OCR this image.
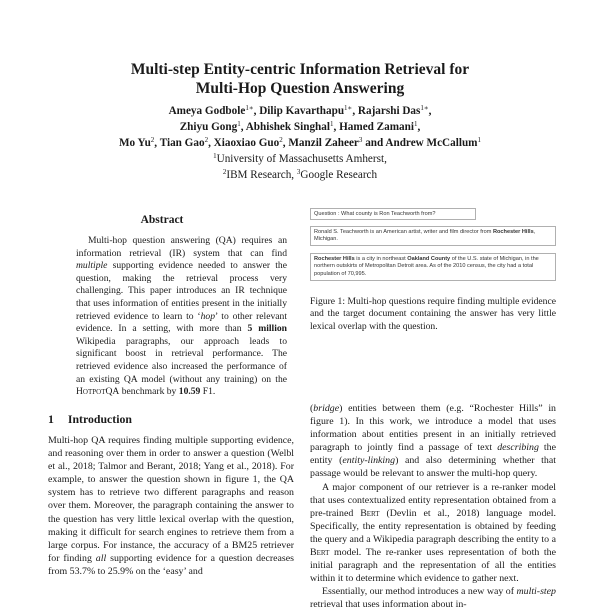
Multi-step Entity-centric Information Retrieval for
Multi-Hop Question Answering
Ameya Godbole$^{1∗}$, Dilip Kavarthapu$^{1∗}$, Rajarshi Das$^{1∗}$,
Zhiyu Gong$^1$, Abhishek Singhal$^1$, Hamed Zamani$^1$,
Mo Yu$^2$, Tian Gao$^2$, Xiaoxiao Guo$^2$, Manzil Zaheer$^3$ and Andrew McCallum$^1$
$^1$University of Massachusetts Amherst,
$^2$IBM Research, $^3$Google Research
Abstract
Multi-hop question answering (QA) requires an information retrieval (IR) system that can find multiple supporting evidence needed to answer the question, making the retrieval process very challenging. This paper introduces an IR technique that uses information of entities present in the initially retrieved evidence to learn to ‘hop’ to other relevant evidence. In a setting, with more than 5 million Wikipedia paragraphs, our approach leads to significant boost in retrieval performance. The retrieved evidence also increased the performance of an existing QA model (without any training) on the HotpotQA benchmark by 10.59 F1.
1 Introduction
Multi-hop QA requires finding multiple supporting evidence, and reasoning over them in order to answer a question (Welbl et al., 2018; Talmor and Berant, 2018; Yang et al., 2018). For example, to answer the question shown in figure 1, the QA system has to retrieve two different paragraphs and reason over them. Moreover, the paragraph containing the answer to the question has very little lexical overlap with the question, making it difficult for search engines to retrieve them from a large corpus. For instance, the accuracy of a BM25 retriever for finding all supporting evidence for a question decreases from 53.7% to 25.9% on the ‘easy’ and
Question : What county is Ron Teachworth from?
Ronald S. Teachworth is an American artist, writer and film director from Rochester Hills, Michigan.
Rochester Hills is a city in northeast Oakland County of the U.S. state of Michigan, in the northern outskirts of Metropolitan Detroit area. As of the 2010 census, the city had a total population of 70,995.
Figure 1: Multi-hop questions require finding multiple evidence and the target document containing the answer has very little lexical overlap with the question.

(bridge) entities between them (e.g. “Rochester Hills” in figure 1). In this work, we introduce a model that uses information about entities present in an initially retrieved paragraph to jointly find a passage of text describing the entity (entity-linking) and also determining whether that passage would be relevant to answer the multi-hop query.

A major component of our retriever is a re-ranker model that uses contextualized entity representation obtained from a pre-trained Bert (Devlin et al., 2018) language model. Specifically, the entity representation is obtained by feeding the query and a Wikipedia paragraph describing the entity to a Bert model. The re-ranker uses representation of both the initial paragraph and the representation of all the entities within it to determine which evidence to gather next.

Essentially, our method introduces a new way of multi-step retrieval that uses information about in-
